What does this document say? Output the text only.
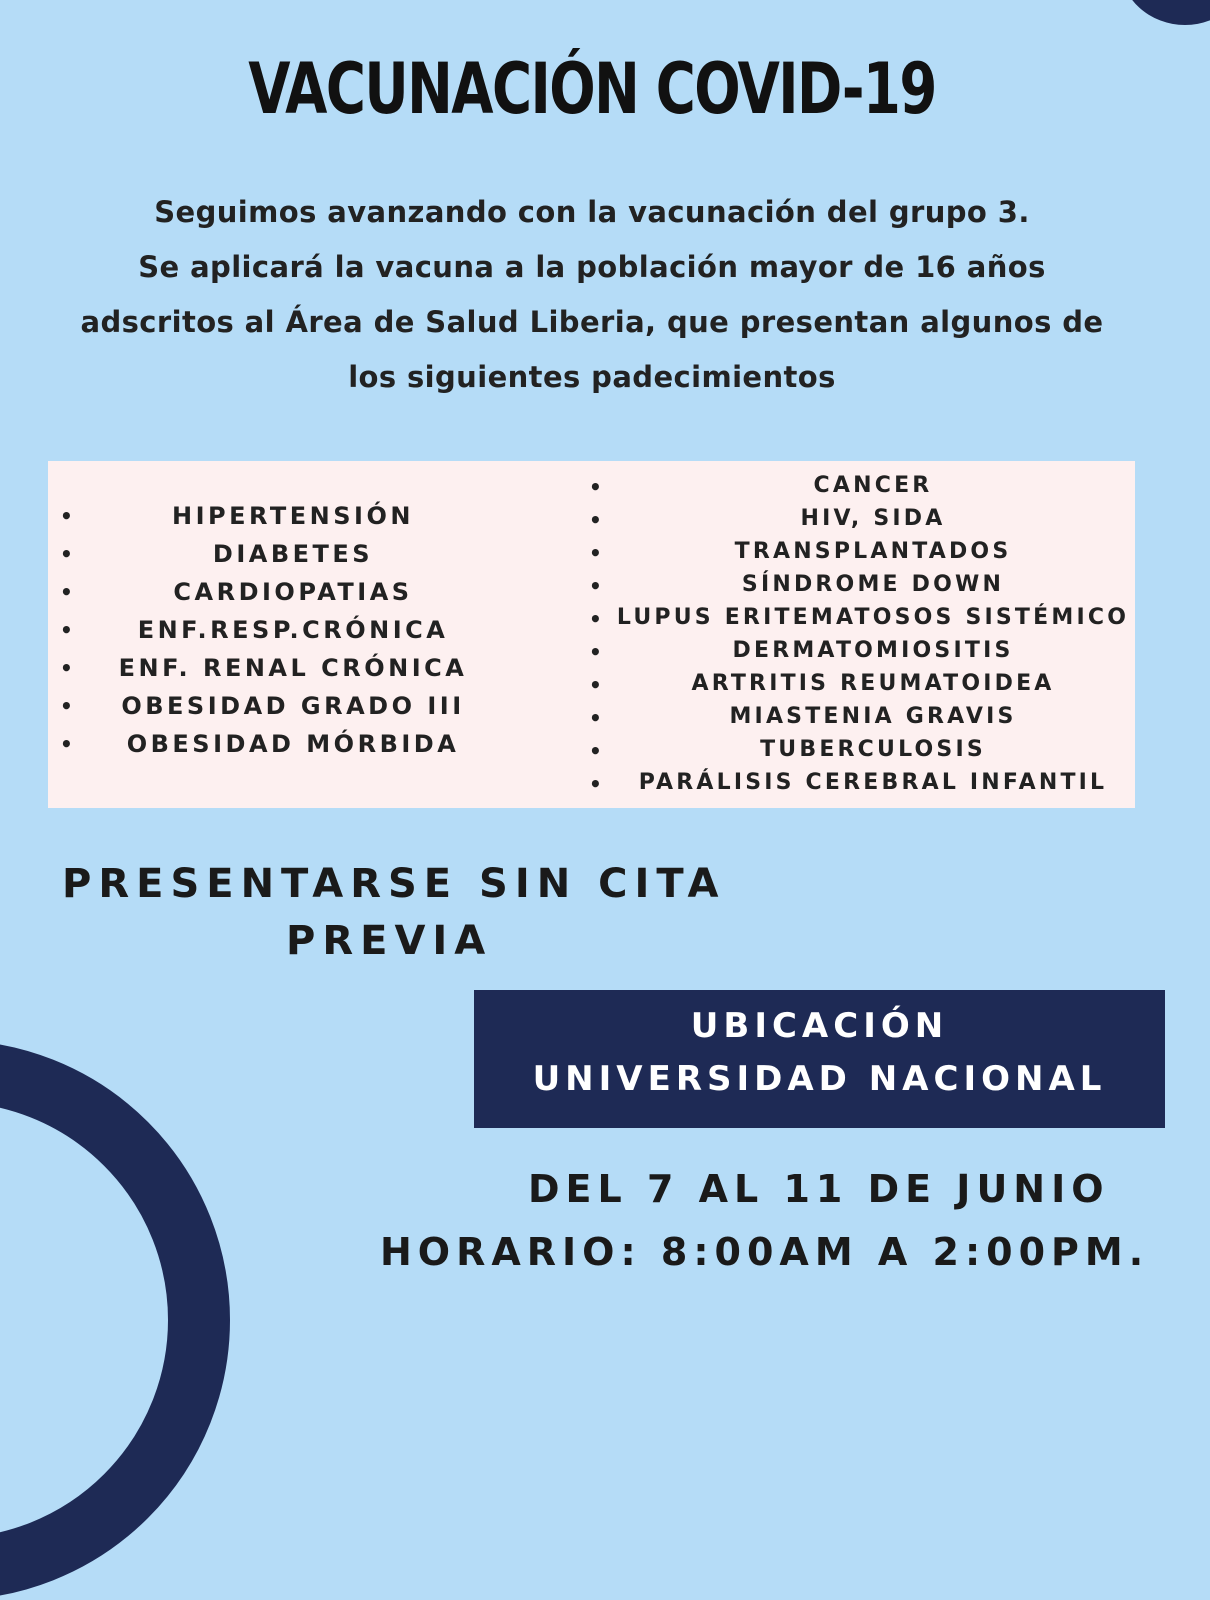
VACUNACIÓN COVID-19
Seguimos avanzando con la vacunación del grupo 3.
Se aplicará la vacuna a la población mayor de 16 años
adscritos al Área de Salud Liberia, que presentan algunos de
los siguientes padecimientos
•	HIPERTENSIÓN
•	DIABETES
•	CARDIOPATIAS
•	ENF.RESP.CRÓNICA
•	ENF. RENAL CRÓNICA
•	OBESIDAD GRADO III
•	OBESIDAD MÓRBIDA
•	CANCER
•	HIV, SIDA
•	TRANSPLANTADOS
•	SÍNDROME DOWN
• LUPUS ERITEMATOSOS SISTÉMICO
•	DERMATOMIOSITIS
•	ARTRITIS REUMATOIDEA
•	MIASTENIA GRAVIS
•	TUBERCULOSIS
•	PARÁLISIS CEREBRAL INFANTIL
PRESENTARSE SIN CITA
PREVIA
UBICACIÓN
UNIVERSIDAD NACIONAL
DEL 7 AL 11 DE JUNIO
HORARIO: 8:00AM A 2:00PM.
